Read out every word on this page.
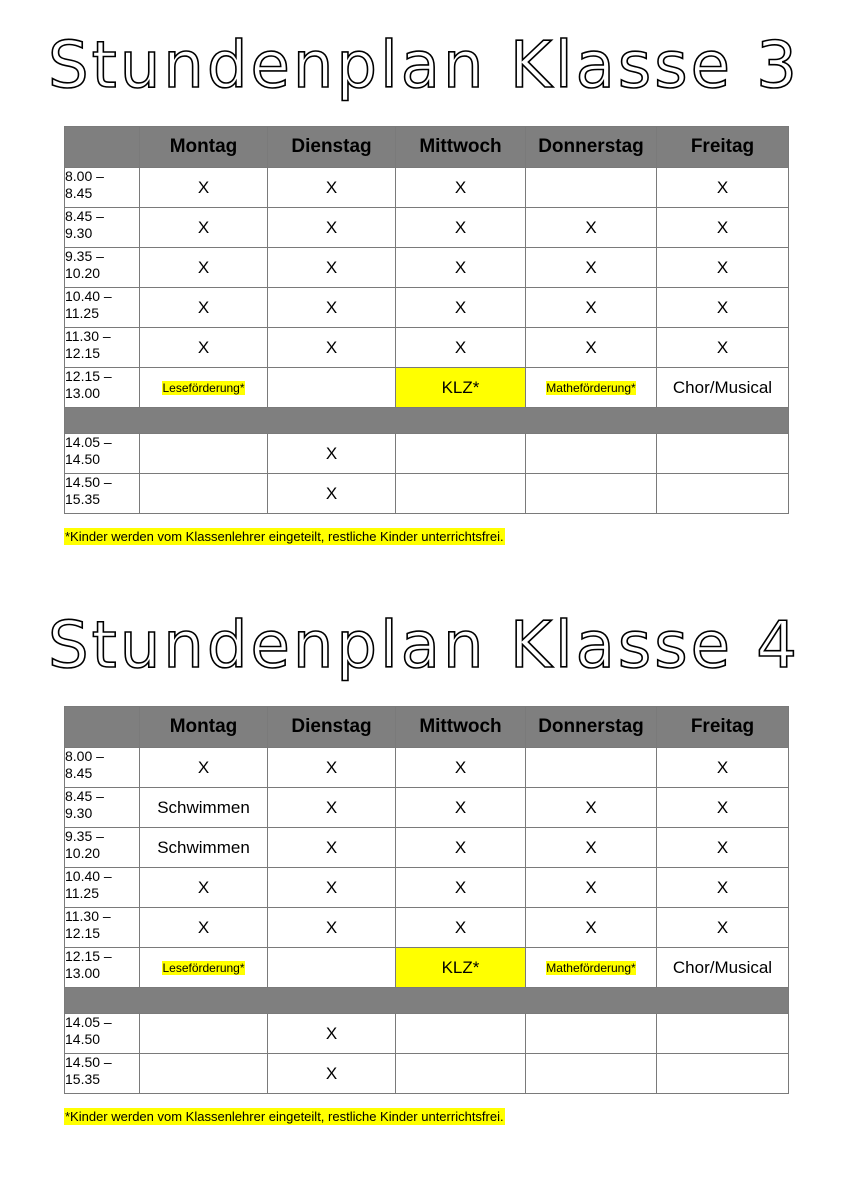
Stundenplan Klasse 3
	Montag	Dienstag	Mittwoch	Donnerstag	Freitag

8.00 –
8.45	X	X	X		X

8.45 –
9.30	X	X	X	X	X

9.35 –
10.20	X	X	X	X	X

10.40 –
11.25	X	X	X	X	X

11.30 –
12.15	X	X	X	X	X

12.15 –
13.00	Leseförderung*		KLZ*	Matheförderung*	Chor/Musical

14.05 –
14.50		X			

14.50 –
15.35		X			
*Kinder werden vom Klassenlehrer eingeteilt, restliche Kinder unterrichtsfrei.
Stundenplan Klasse 4
	Montag	Dienstag	Mittwoch	Donnerstag	Freitag

8.00 –
8.45	X	X	X		X

8.45 –
9.30	Schwimmen	X	X	X	X

9.35 –
10.20	Schwimmen	X	X	X	X

10.40 –
11.25	X	X	X	X	X

11.30 –
12.15	X	X	X	X	X

12.15 –
13.00	Leseförderung*		KLZ*	Matheförderung*	Chor/Musical

14.05 –
14.50		X			

14.50 –
15.35		X			
*Kinder werden vom Klassenlehrer eingeteilt, restliche Kinder unterrichtsfrei.
